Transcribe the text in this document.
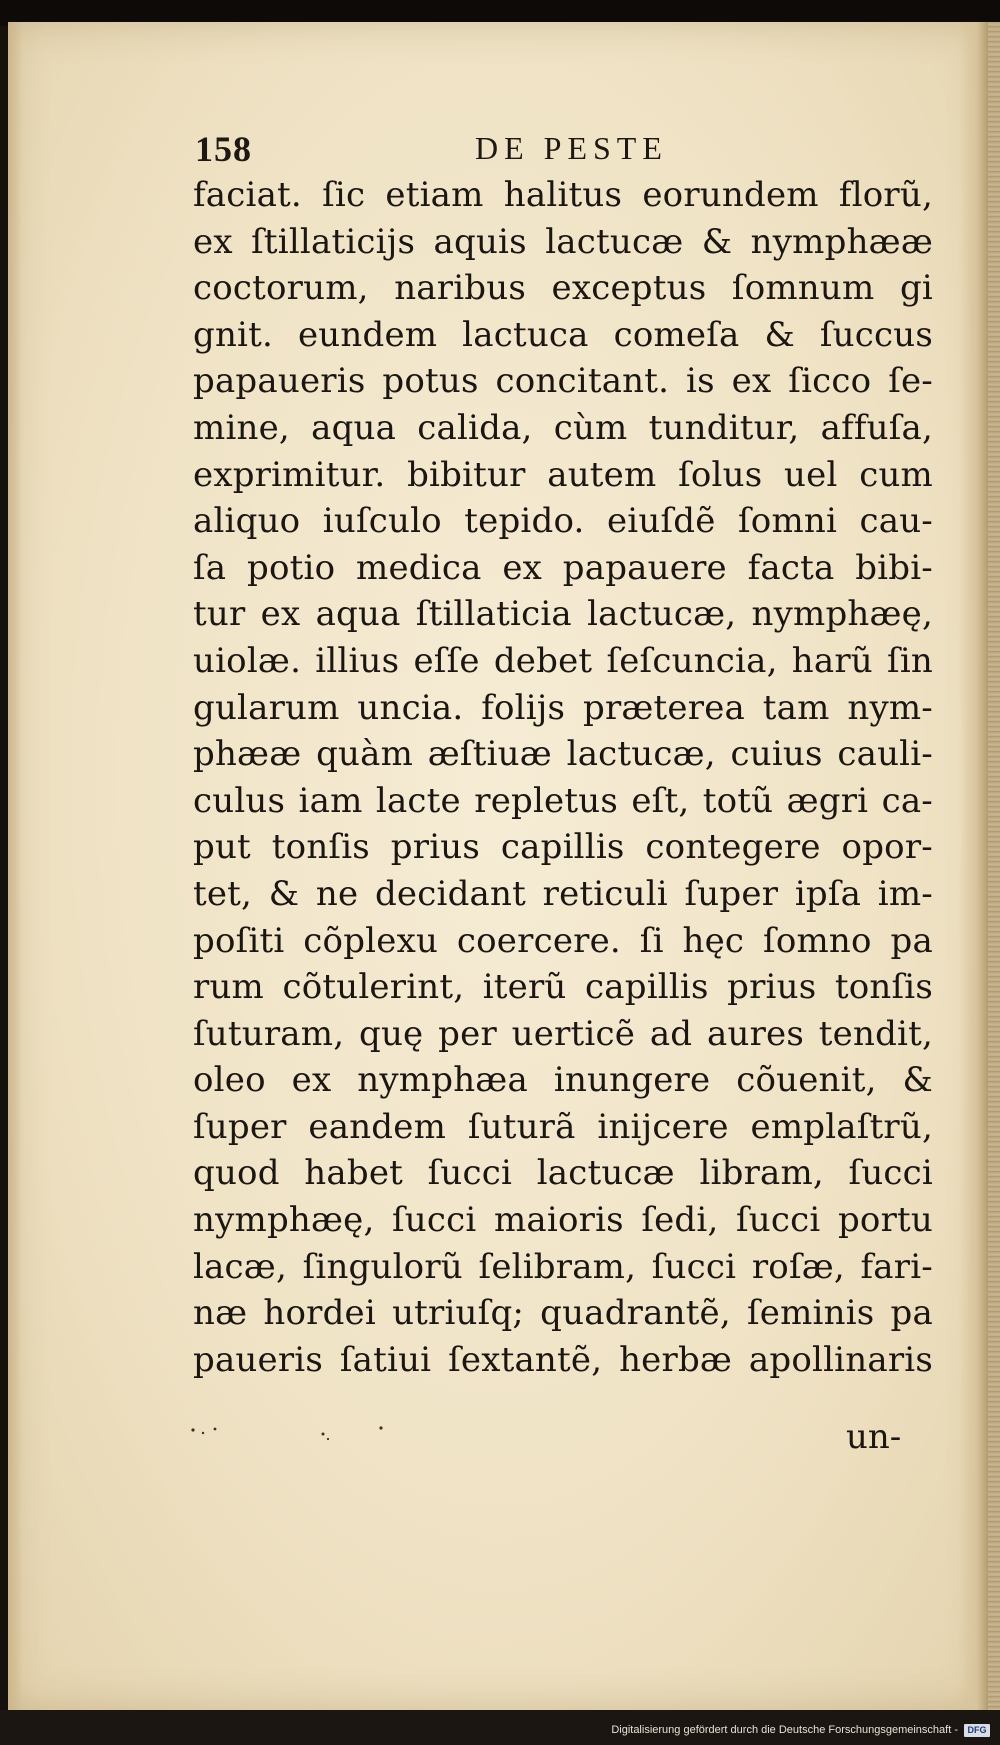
158	DE PESTE
faciat. ſic etiam halitus eorundem florũ,
ex ſtillaticijs aquis lactucæ & nymphææ
coctorum, naribus exceptus ſomnum gi
gnit. eundem lactuca comeſa & ſuccus
papaueris potus concitant. is ex ſicco ſe-
mine, aqua calida, cùm tunditur, affuſa,
exprimitur. bibitur autem ſolus uel cum
aliquo iuſculo tepido. eiuſdẽ ſomni cau-
ſa potio medica ex papauere facta bibi-
tur ex aqua ſtillaticia lactucæ, nymphæę,
uiolæ. illius eſſe debet ſeſcuncia, harũ ſin
gularum uncia. folijs præterea tam nym-
phææ quàm æſtiuæ lactucæ, cuius cauli-
culus iam lacte repletus eſt, totũ ægri ca-
put tonſis prius capillis contegere opor-
tet, & ne decidant reticuli ſuper ipſa im-
poſiti cõplexu coercere. ſi hęc ſomno pa
rum cõtulerint, iterũ capillis prius tonſis
ſuturam, quę per uerticẽ ad aures tendit,
oleo ex nymphæa inungere cõuenit, &
ſuper eandem ſuturã inijcere emplaſtrũ,
quod habet ſucci lactucæ libram, ſucci
nymphæę, ſucci maioris ſedi, ſucci portu
lacæ, ſingulorũ ſelibram, ſucci roſæ, fari-
næ hordei utriuſq; quadrantẽ, ſeminis pa
paueris ſatiui ſextantẽ, herbæ apollinaris
un-
Digitalisierung gefördert durch die Deutsche Forschungsgemeinschaft -	DFG
